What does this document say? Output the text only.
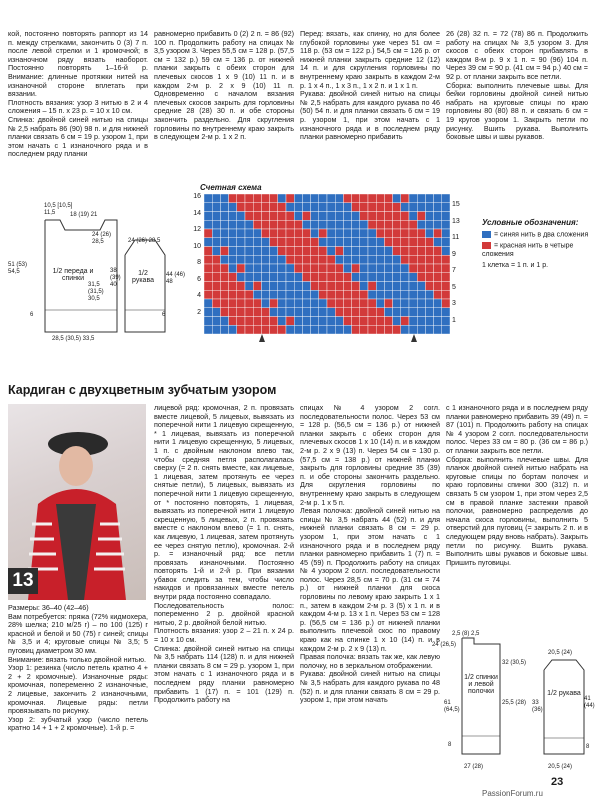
кой, постоянно повторять раппорт из 14 п. между стрелками, закончить 0 (3) 7 п. после левой стрелки и 1 кромочной; в изнаночном ряду вязать наоборот. Постоянно повторять 1–16-й р. Внимание: длинные протяжки нитей на изнаночной стороне вплетать при вязании.

Плотность вязания: узор 3 нитью в 2 и 4 сложения – 15 п. x 23 р. = 10 x 10 см.

Спинка: двойной синей нитью на спицы № 2,5 набрать 86 (90) 98 п. и для нижней планки связать 6 см = 19 р. узором 1, при этом начать с 1 изнаночного ряда и в последнем ряду планки

равномерно прибавить 0 (2) 2 п. = 86 (92) 100 п. Продолжить работу на спицах № 3,5 узором 3. Через 55,5 см = 128 р. (57,5 см = 132 р.) 59 см = 136 р. от нижней планки закрыть с обеих сторон для плечевых скосов 1 x 9 (10) 11 п. и в каждом 2-м р. 2 x 9 (10) 11 п. Одновременно с началом вязания плечевых скосов закрыть для горловины средние 28 (28) 30 п. и обе стороны закончить раздельно. Для скругления горловины по внутреннему краю закрыть в следующем 2-м р. 1 x 2 п.

Перед: вязать, как спинку, но для более глубокой горловины уже через 51 см = 118 р. (53 см = 122 р.) 54,5 см = 126 р. от нижней планки закрыть средние 12 (12) 14 п. и для скругления горловины по внутреннему краю закрыть в каждом 2-м р. 1 x 4 п., 1 x 3 п., 1 x 2 п. и 1 x 1 п.

Рукава: двойной синей нитью на спицы № 2,5 набрать для каждого рукава по 46 (50) 54 п. и для планки связать 6 см = 19 р. узором 1, при этом начать с 1 изнаночного ряда и в последнем ряду планки равномерно прибавить

26 (28) 32 п. = 72 (78) 86 п. Продолжить работу на спицах № 3,5 узором 3. Для скосов с обеих сторон прибавлять в каждом 8-м р. 9 x 1 п. = 90 (96) 104 п. Через 39 см = 90 р. (41 см = 94 р.) 40 см = 92 р. от планки закрыть все петли.

Сборка: выполнить плечевые швы. Для бейки горловины двойной синей нитью набрать на круговые спицы по краю горловины 80 (80) 88 п. и связать 6 см = 19 кругов узором 1. Закрыть петли по рисунку. Вшить рукава. Выполнить боковые швы и швы рукавов.

1/2 переда и спинки
1/2 рукава
10,5 [10,5] 11,5	18 (19) 21
24 (26) 28,5
51 (53) 54,5
31,5 (31,5) 30,5
38 (39) 40
44 (46) 48
6	6
28,5 (30,5) 33,5
24 (26) 28,5
Счетная схема
16
14
12
10
8
6
4
2
15
13
11
9
7
5
3
1
Условные обозначения:
= синяя нить в два сложения
= красная нить в четыре сложения
1 клетка = 1 п. и 1 р.
Кардиган с двухцветным зубчатым узором
13

Размеры: 36–40 (42–46)

Вам потребуется: пряжа (72% кидмохера, 28% шелка; 210 м/25 г) – по 100 (125) г красной и белой и 50 (75) г синей; спицы № 3,5 и 4; круговые спицы № 3,5; 5 пуговиц диаметром 30 мм.

Внимание: вязать только двойной нитью.

Узор 1: резинка (число петель кратно 4 + 2 + 2 кромочные). Изнаночные ряды: кромочная, попеременно 2 изнаночные, 2 лицевые, закончить 2 изнаночными, кромочная. Лицевые ряды: петли провязывать по рисунку.

Узор 2: зубчатый узор (число петель кратно 14 + 1 + 2 кромочные). 1-й р. =

лицевой ряд: кромочная, 2 п. провязать вместе лицевой, 5 лицевых, вывязать из поперечной нити 1 лицевую скрещенную, * 1 лицевая, вывязать из поперечной нити 1 лицевую скрещенную, 5 лицевых, 1 п. с двойным наклоном влево так, чтобы средняя петля располагалась сверху (= 2 п. снять вместе, как лицевые, 1 лицевая, затем протянуть ее через снятые петли), 5 лицевых, вывязать из поперечной нити 1 лицевую скрещенную, от * постоянно повторять, 1 лицевая, вывязать из поперечной нити 1 лицевую скрещенную, 5 лицевых, 2 п. провязать вместе с наклоном влево (= 1 п. снять, как лицевую, 1 лицевая, затем протянуть ее через снятую петлю), кромочная. 2-й р. = изнаночный ряд: все петли провязать изнаночными. Постоянно повторять 1-й и 2-й р. При вязании убавок следить за тем, чтобы число накидов и провязанных вместе петель внутри ряда постоянно совпадало.

Последовательность полос: попеременно 2 р. двойной красной нитью, 2 р. двойной белой нитью.

Плотность вязания: узор 2 – 21 п. x 24 р. = 10 x 10 см.

Спинка: двойной синей нитью на спицы № 3,5 набрать 114 (128) п. и для нижней планки связать 8 см = 29 р. узором 1, при этом начать с 1 изнаночного ряда и в последнем ряду планки равномерно прибавить 1 (17) п. = 101 (129) п. Продолжить работу на

спицах № 4 узором 2 согл. последовательности полос. Через 53 см = 128 р. (56,5 см = 136 р.) от нижней планки закрыть с обеих сторон для плечевых скосов 1 x 10 (14) п. и в каждом 2-м р. 2 x 9 (13) п. Через 54 см = 130 р. (57,5 см = 138 р.) от нижней планки закрыть для горловины средние 35 (39) п. и обе стороны закончить раздельно. Для скругления горловины по внутреннему краю закрыть в следующем 2-м р. 1 x 5 п.

Левая полочка: двойной синей нитью на спицы № 3,5 набрать 44 (52) п. и для нижней планки связать 8 см = 29 р. узором 1, при этом начать с 1 изнаночного ряда и в последнем ряду планки равномерно прибавить 1 (7) п. = 45 (59) п. Продолжить работу на спицах № 4 узором 2 согл. последовательности полос. Через 28,5 см = 70 р. (31 см = 74 р.) от нижней планки для скоса горловины по левому краю закрыть 1 x 1 п., затем в каждом 2-м р. 3 (5) x 1 п. и в каждом 4-м р. 13 x 1 п. Через 53 см = 128 р. (56,5 см = 136 р.) от нижней планки выполнить плечевой скос по правому краю как на спинке 1 x 10 (14) п. и в каждом 2-м р. 2 x 9 (13) п.

Правая полочка: вязать так же, как левую полочку, но в зеркальном отображении.

Рукава: двойной синей нитью на спицы № 3,5 набрать для каждого рукава по 48 (52) п. и для планки связать 8 см = 29 р. узором 1, при этом начать

с 1 изнаночного ряда и в последнем ряду планки равномерно прибавить 39 (49) п. = 87 (101) п. Продолжить работу на спицах № 4 узором 2 согл. последовательности полос. Через 33 см = 80 р. (36 см = 86 р.) от планки закрыть все петли.

Сборка: выполнить плечевые швы. Для планок двойной синей нитью набрать на круговые спицы по бортам полочек и краю горловины спинки 300 (312) п. и связать 5 см узором 1, при этом через 2,5 см в правой планке застежки правой полочки, равномерно распределив до начала скоса горловины, выполнить 5 отверстий для пуговиц (= закрыть 2 п. и в следующем ряду вновь набрать). Закрыть петли по рисунку. Вшить рукава. Выполнить швы рукавов и боковые швы. Пришить пуговицы.

1/2 спинки и левой полочки	1/2 рукава
2,5 (8) 2,5
24 (26,5)
32 (30,5)
61 (64,5)
25,5 (28) 33 (36)
41 (44)
8	8
27 (28)
20,5 (24)
20,5 (24)
23
PassionForum.ru
